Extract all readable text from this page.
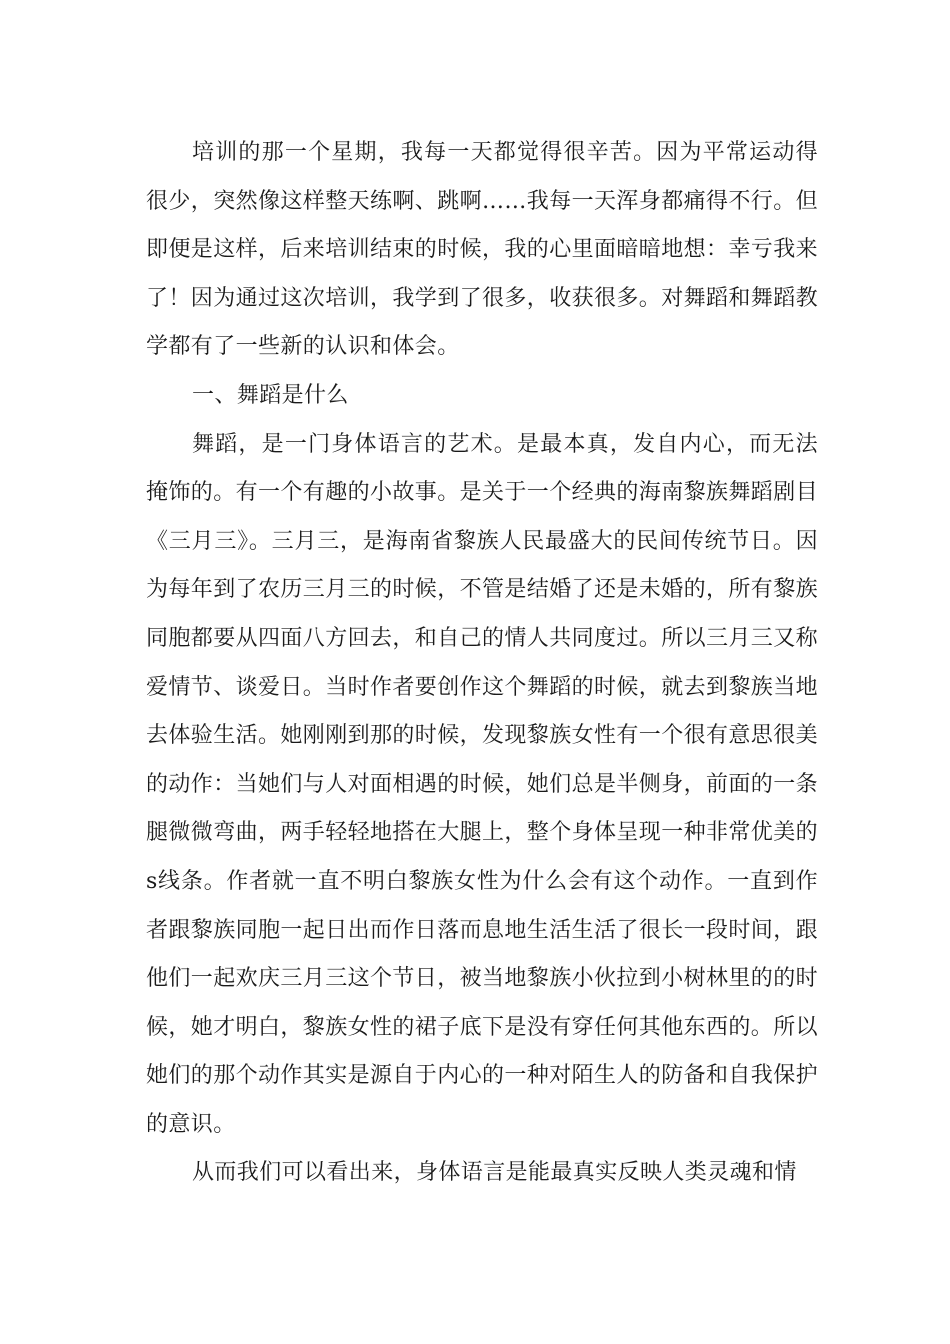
培训的那一个星期，我每一天都觉得很辛苦。因为平常运动得很少，突然像这样整天练啊、跳啊……我每一天浑身都痛得不行。但即便是这样，后来培训结束的时候，我的心里面暗暗地想：幸亏我来了！因为通过这次培训，我学到了很多，收获很多。对舞蹈和舞蹈教学都有了一些新的认识和体会。

一、舞蹈是什么

舞蹈，是一门身体语言的艺术。是最本真，发自内心，而无法掩饰的。有一个有趣的小故事。是关于一个经典的海南黎族舞蹈剧目《三月三》。三月三，是海南省黎族人民最盛大的民间传统节日。因为每年到了农历三月三的时候，不管是结婚了还是未婚的，所有黎族同胞都要从四面八方回去，和自己的情人共同度过。所以三月三又称爱情节、谈爱日。当时作者要创作这个舞蹈的时候，就去到黎族当地去体验生活。她刚刚到那的时候，发现黎族女性有一个很有意思很美的动作：当她们与人对面相遇的时候，她们总是半侧身，前面的一条腿微微弯曲，两手轻轻地搭在大腿上，整个身体呈现一种非常优美的s线条。作者就一直不明白黎族女性为什么会有这个动作。一直到作者跟黎族同胞一起日出而作日落而息地生活生活了很长一段时间，跟他们一起欢庆三月三这个节日，被当地黎族小伙拉到小树林里的的时候，她才明白，黎族女性的裙子底下是没有穿任何其他东西的。所以她们的那个动作其实是源自于内心的一种对陌生人的防备和自我保护的意识。

从而我们可以看出来，身体语言是能最真实反映人类灵魂和情
